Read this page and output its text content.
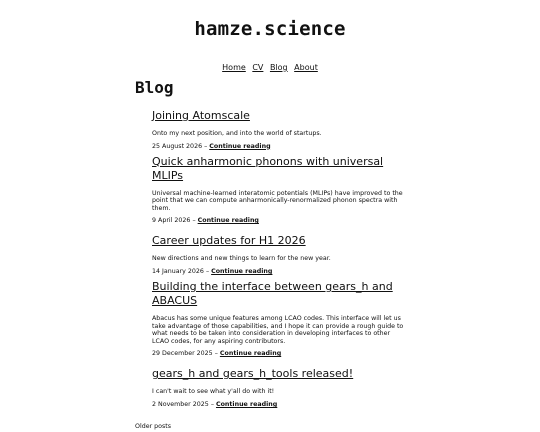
hamze.science
Home CV Blog About
Blog
Joining Atomscale

Onto my next position, and into the world of startups.

25 August 2026 – Continue reading

Quick anharmonic phonons with universal MLIPs

Universal machine-learned interatomic potentials (MLIPs) have improved to the point that we can compute anharmonically-renormalized phonon spectra with them.

9 April 2026 – Continue reading

Career updates for H1 2026

New directions and new things to learn for the new year.

14 January 2026 – Continue reading

Building the interface between gears_h and ABACUS

Abacus has some unique features among LCAO codes. This interface will let us take advantage of those capabilities, and I hope it can provide a rough guide to what needs to be taken into consideration in developing interfaces to other LCAO codes, for any aspiring contributors.

29 December 2025 – Continue reading

gears_h and gears_h_tools released!

I can't wait to see what y'all do with it!

2 November 2025 – Continue reading

Older posts
